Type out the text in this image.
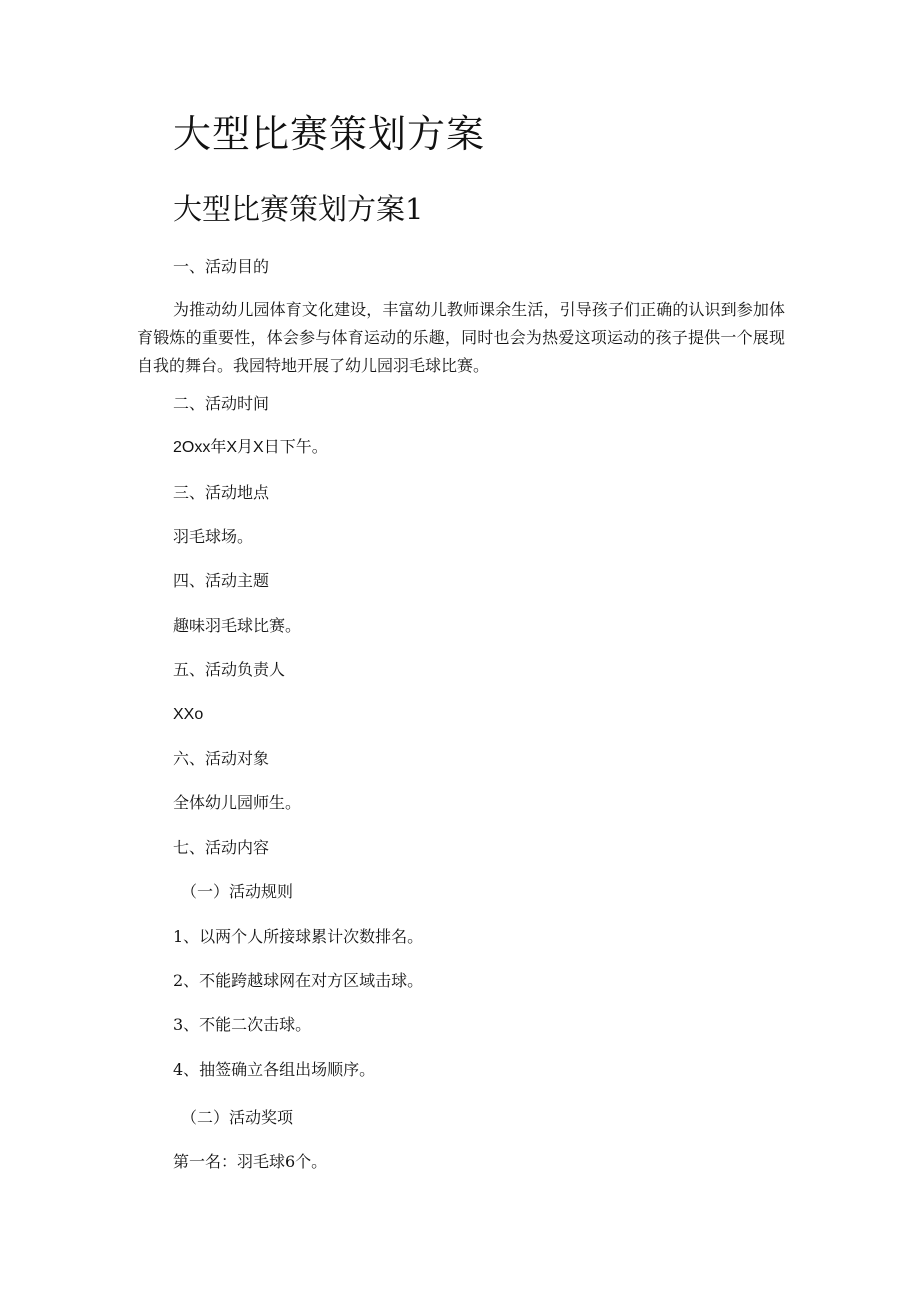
大型比赛策划方案
大型比赛策划方案1

一、活动目的

为推动幼儿园体育文化建设，丰富幼儿教师课余生活，引导孩子们正确的认识到参加体育锻炼的重要性，体会参与体育运动的乐趣，同时也会为热爱这项运动的孩子提供一个展现自我的舞台。我园特地开展了幼儿园羽毛球比赛。

二、活动时间

2Oxx年X月X日下午。

三、活动地点

羽毛球场。

四、活动主题

趣味羽毛球比赛。

五、活动负责人

XXo

六、活动对象

全体幼儿园师生。

七、活动内容

（一）活动规则

1、以两个人所接球累计次数排名。

2、不能跨越球网在对方区域击球。

3、不能二次击球。

4、抽签确立各组出场顺序。

（二）活动奖项

第一名：羽毛球6个。
